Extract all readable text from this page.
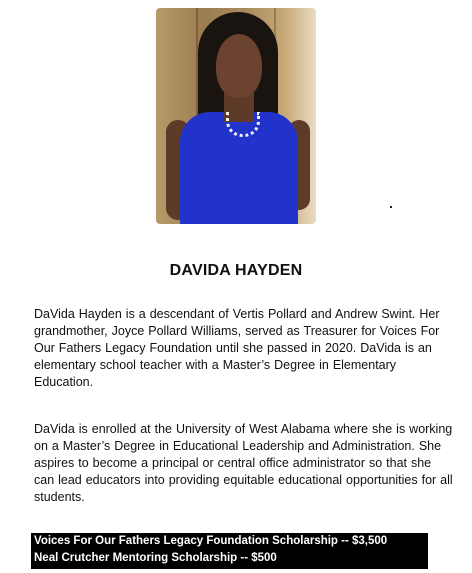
DAVIDA HAYDEN
DaVida Hayden is a descendant of Vertis Pollard and Andrew Swint. Her grandmother, Joyce Pollard Williams, served as Treasurer for Voices For Our Fathers Legacy Foundation until she passed in 2020. DaVida is an elementary school teacher with a Master’s Degree in Elementary Education.
DaVida is enrolled at the University of West Alabama where she is working on a Master’s Degree in Educational Leadership and Administration. She aspires to become a principal or central office administrator so that she can lead educators into providing equitable educational opportunities for all students.
Voices For Our Fathers Legacy Foundation Scholarship -- $3,500
Neal Crutcher Mentoring Scholarship -- $500
